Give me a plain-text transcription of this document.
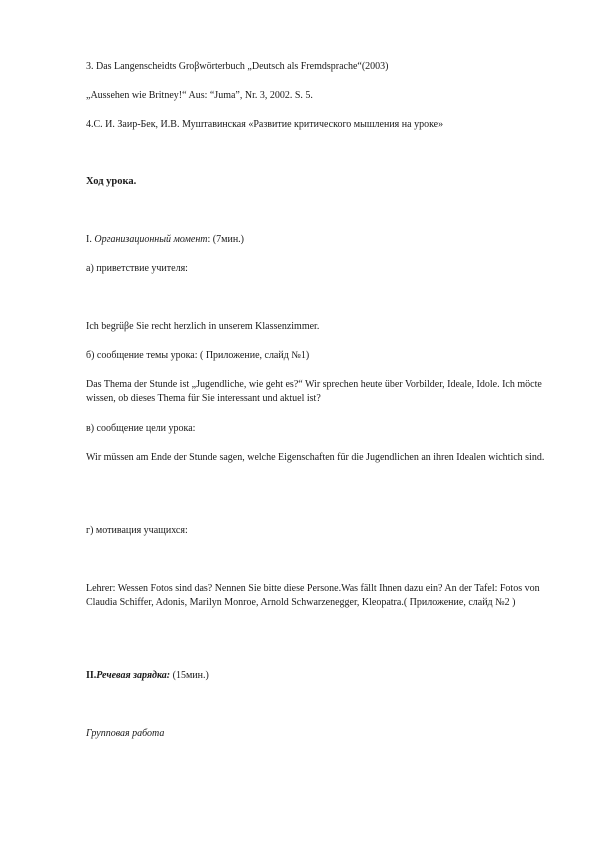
3. Das Langenscheidts Groβwörterbuch „Deutsch als Fremdsprache“(2003)
„Aussehen wie Britney!“ Aus: “Juma”, Nr. 3, 2002. S. 5.
4.С. И. Заир-Бек, И.В. Муштавинская «Развитие критического мышления на уроке»
Ход урока.
I. Организационный момент: (7мин.)
а) приветствие учителя:
Ich begrüβe Sie recht herzlich in unserem Klassenzimmer.
б) сообщение темы урока: ( Приложение, слайд №1)
Das Thema der Stunde ist „Jugendliche, wie geht es?“ Wir sprechen heute über Vorbilder, Ideale, Idole. Ich möcte wissen, ob dieses Thema für Sie interessant und aktuel ist?
в) сообщение цели урока:
Wir müssen am Ende der Stunde sagen, welche Eigenschaften für die Jugendlichen an ihren Idealen wichtich sind.
г) мотивация учащихся:
Lehrer: Wessen Fotos sind das? Nennen Sie bitte diese Persone.Was fällt Ihnen dazu ein? An der Tafel: Fotos von Claudia Schiffer, Adonis, Marilyn Monroe, Arnold Schwarzenegger, Kleopatra.( Приложение, слайд №2 )
II.Речевая зарядка: (15мин.)
Групповая работа
